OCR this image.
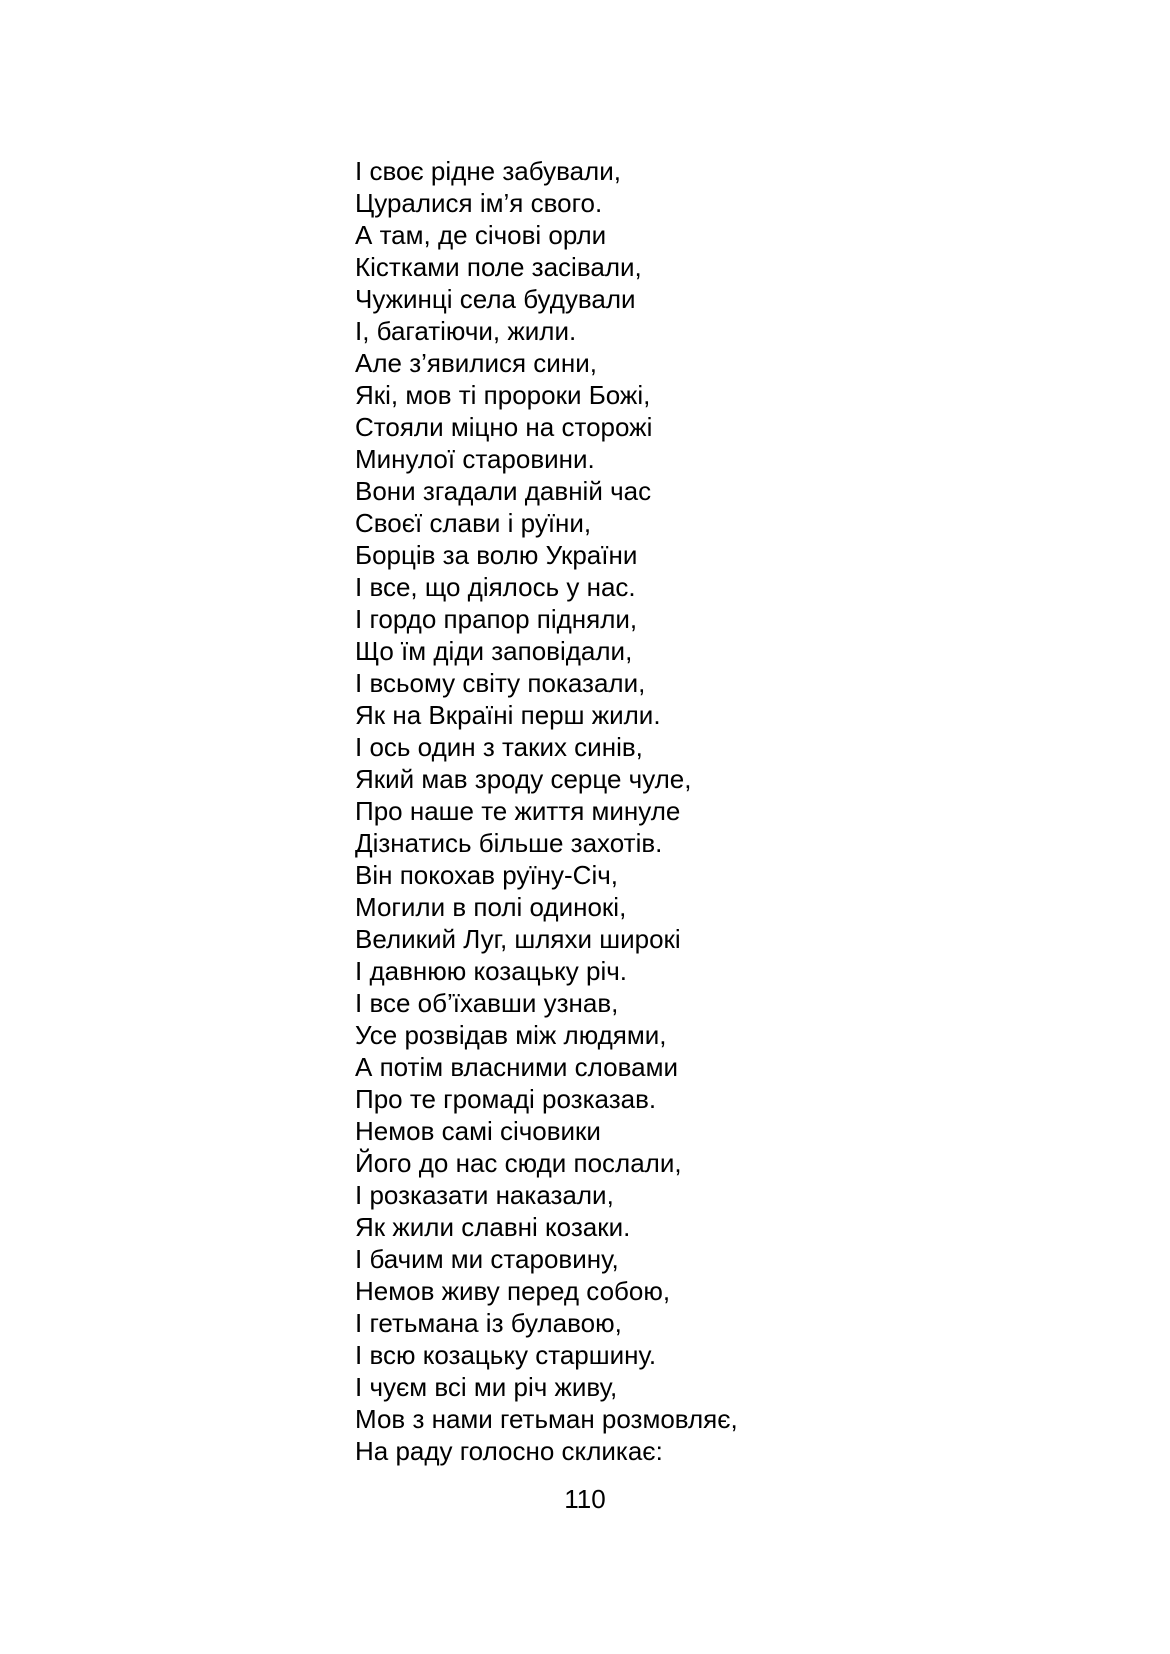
І своє рідне забували,
Цуралися ім’я свого.
А там, де січові орли
Кістками поле засівали,
Чужинці села будували
І, багатіючи, жили.
Але з’явилися сини,
Які, мов ті пророки Божі,
Стояли міцно на сторожі
Минулої старовини.
Вони згадали давній час
Своєї слави і руїни,
Борців за волю України
І все, що діялось у нас.
І гордо прапор підняли,
Що їм діди заповідали,
І всьому світу показали,
Як на Вкраїні перш жили.
І ось один з таких синів,
Який мав зроду серце чуле,
Про наше те життя минуле
Дізнатись більше захотів.
Він покохав руїну-Січ,
Могили в полі одинокі,
Великий Луг, шляхи широкі
І давнюю козацьку річ.
І все об’їхавши узнав,
Усе розвідав між людями,
А потім власними словами
Про те громаді розказав.
Немов самі січовики
Його до нас сюди послали,
І розказати наказали,
Як жили славні козаки.
І бачим ми старовину,
Немов живу перед собою,
І гетьмана із булавою,
І всю козацьку старшину.
І чуєм всі ми річ живу,
Мов з нами гетьман розмовляє,
На раду голосно скликає:
110
